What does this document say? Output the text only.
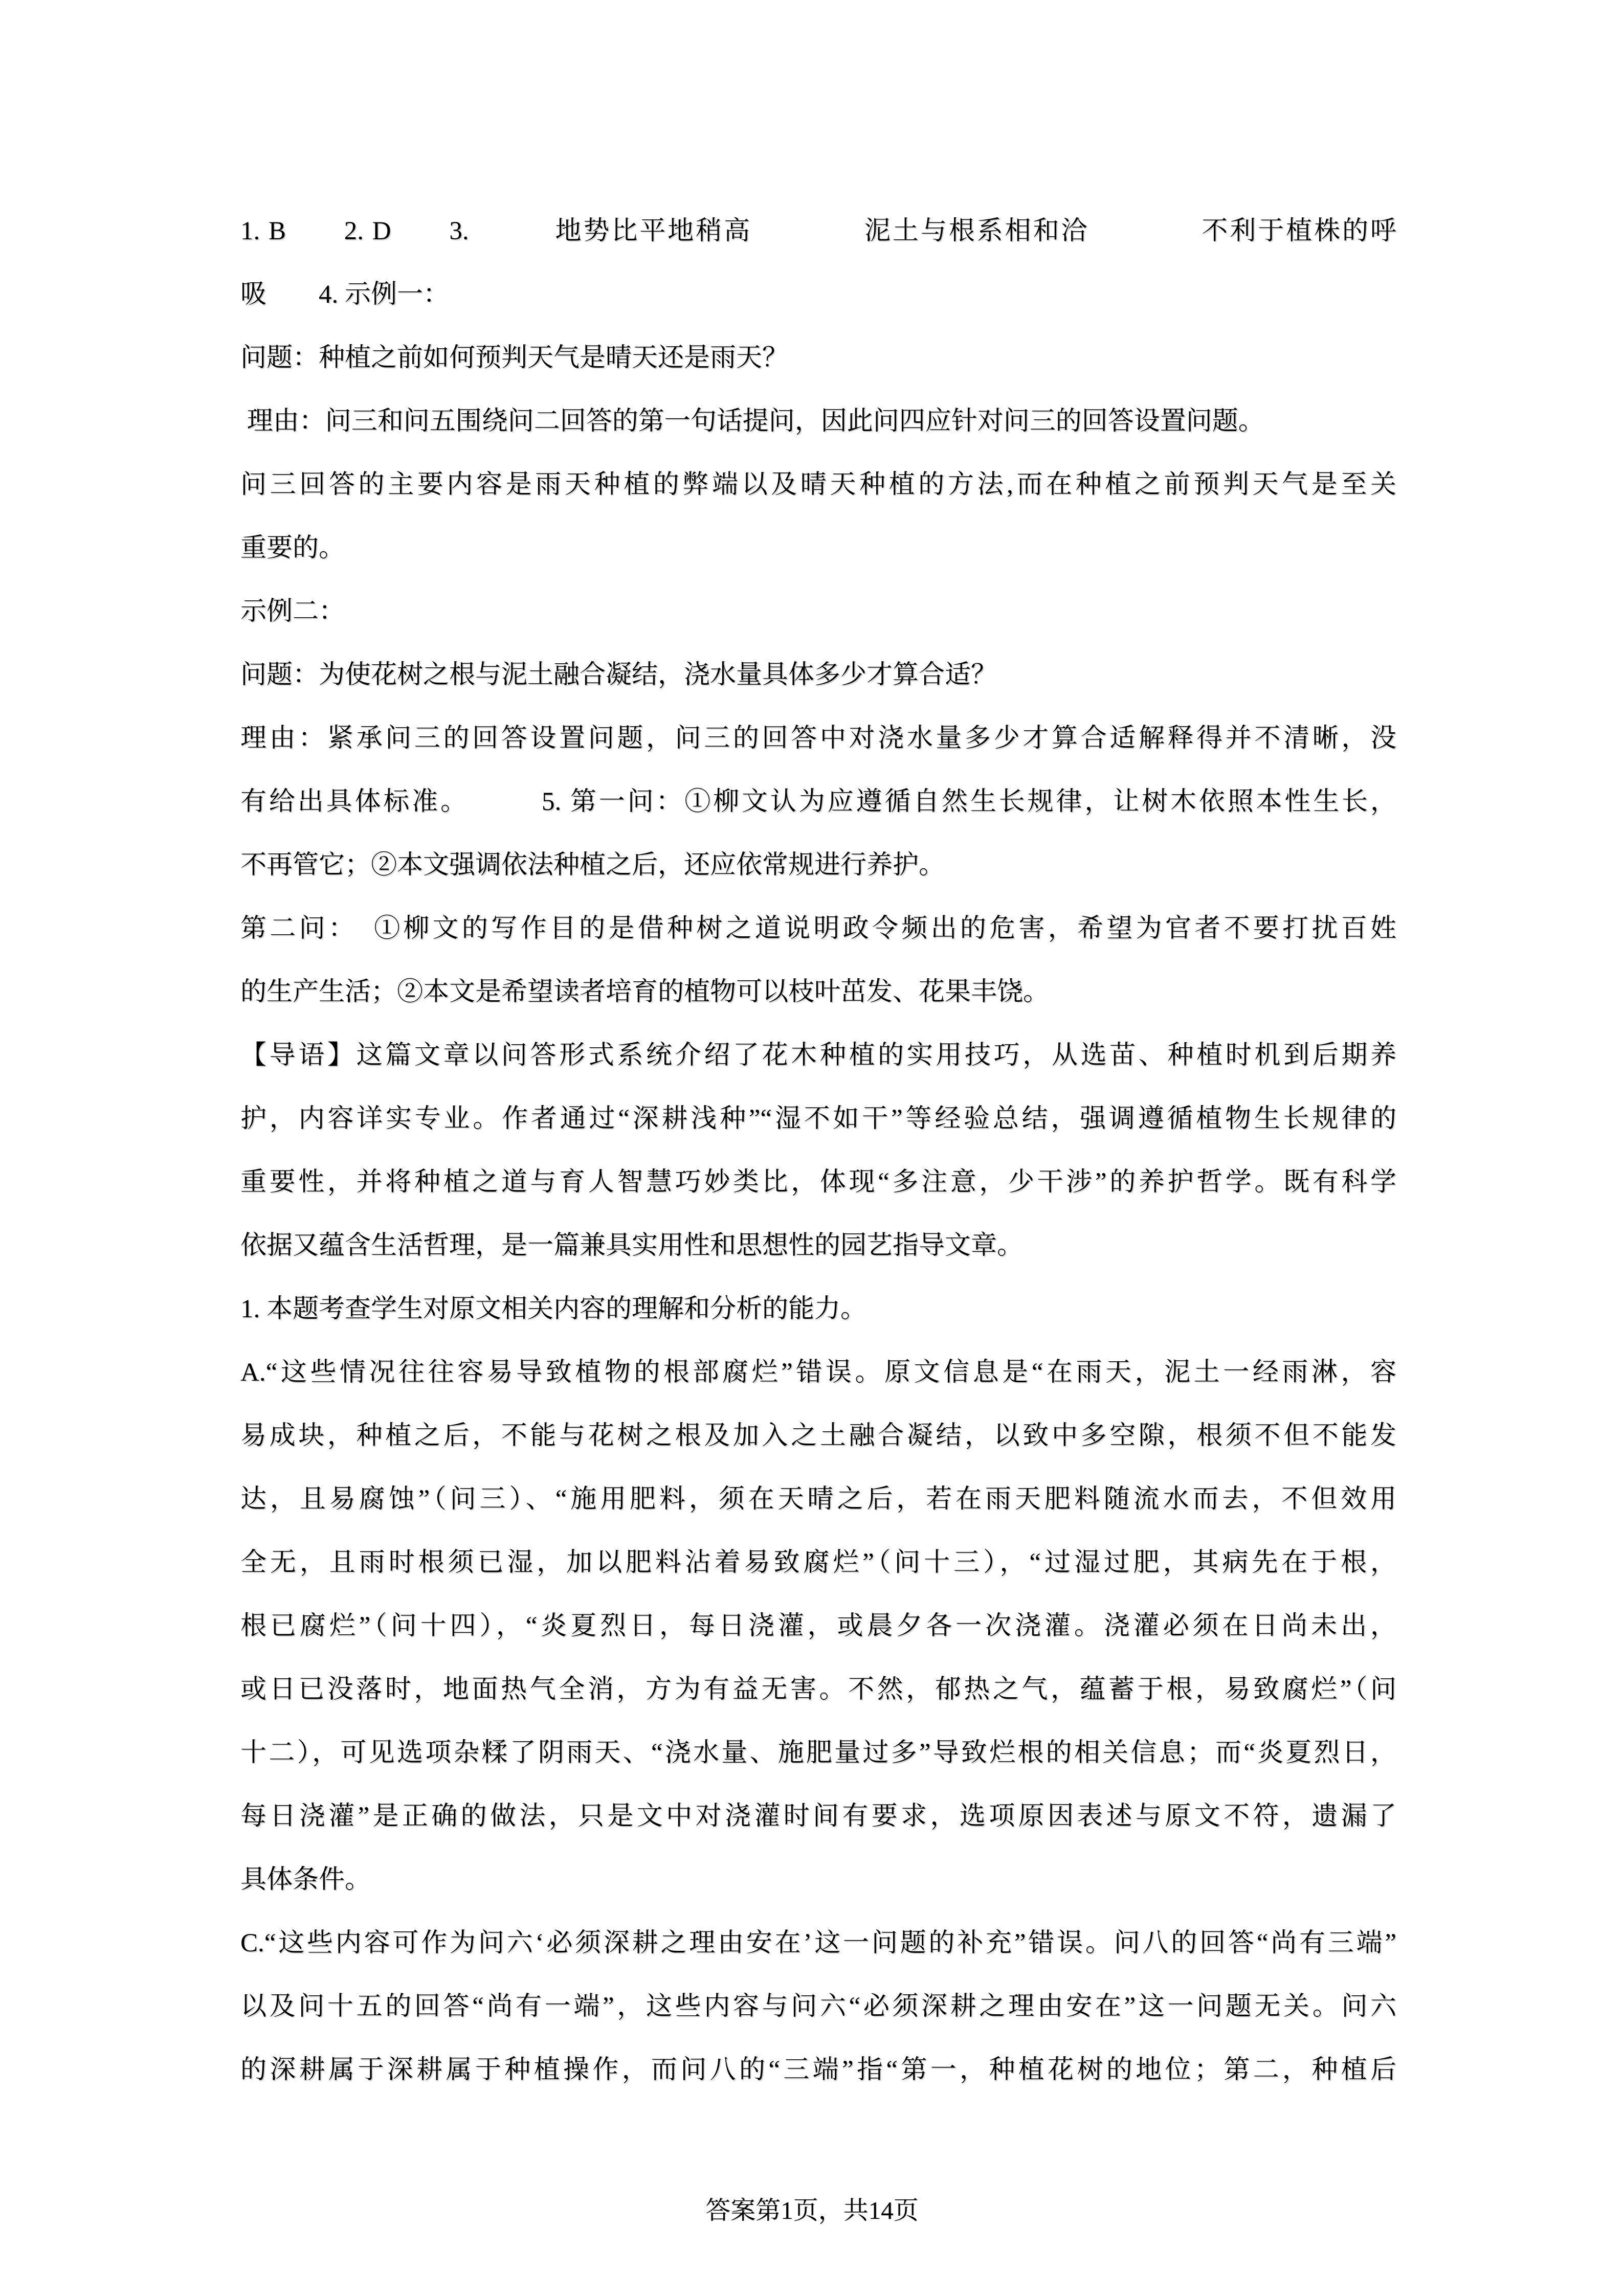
1. B　　2. D　　3.　　　地势比平地稍高　　　　泥土与根系相和洽　　　　不利于植株的呼

吸　　4. 示例一：

问题：种植之前如何预判天气是晴天还是雨天？

理由：问三和问五围绕问二回答的第一句话提问，因此问四应针对问三的回答设置问题。

问三回答的主要内容是雨天种植的弊端以及晴天种植的方法,而在种植之前预判天气是至关

重要的。

示例二：

问题：为使花树之根与泥土融合凝结，浇水量具体多少才算合适？

理由：紧承问三的回答设置问题，问三的回答中对浇水量多少才算合适解释得并不清晰，没

有给出具体标准。　　　5. 第一问：①柳文认为应遵循自然生长规律，让树木依照本性生长，

不再管它；②本文强调依法种植之后，还应依常规进行养护。

第二问：　①柳文的写作目的是借种树之道说明政令频出的危害，希望为官者不要打扰百姓

的生产生活；②本文是希望读者培育的植物可以枝叶茁发、花果丰饶。

【导语】这篇文章以问答形式系统介绍了花木种植的实用技巧，从选苗、种植时机到后期养

护，内容详实专业。作者通过“深耕浅种”“湿不如干”等经验总结，强调遵循植物生长规律的

重要性，并将种植之道与育人智慧巧妙类比，体现“多注意，少干涉”的养护哲学。既有科学

依据又蕴含生活哲理，是一篇兼具实用性和思想性的园艺指导文章。

1. 本题考查学生对原文相关内容的理解和分析的能力。

A.“这些情况往往容易导致植物的根部腐烂”错误。原文信息是“在雨天，泥土一经雨淋，容

易成块，种植之后，不能与花树之根及加入之土融合凝结，以致中多空隙，根须不但不能发

达，且易腐蚀”（问三）、“施用肥料，须在天晴之后，若在雨天肥料随流水而去，不但效用

全无，且雨时根须已湿，加以肥料沾着易致腐烂”（问十三），“过湿过肥，其病先在于根，

根已腐烂”（问十四），“炎夏烈日，每日浇灌，或晨夕各一次浇灌。浇灌必须在日尚未出，

或日已没落时，地面热气全消，方为有益无害。不然，郁热之气，蕴蓄于根，易致腐烂”（问

十二），可见选项杂糅了阴雨天、“浇水量、施肥量过多”导致烂根的相关信息；而“炎夏烈日，

每日浇灌”是正确的做法，只是文中对浇灌时间有要求，选项原因表述与原文不符，遗漏了

具体条件。

C.“这些内容可作为问六‘必须深耕之理由安在’这一问题的补充”错误。问八的回答“尚有三端”

以及问十五的回答“尚有一端”，这些内容与问六“必须深耕之理由安在”这一问题无关。问六

的深耕属于深耕属于种植操作，而问八的“三端”指“第一，种植花树的地位；第二，种植后

答案第1页，共14页
